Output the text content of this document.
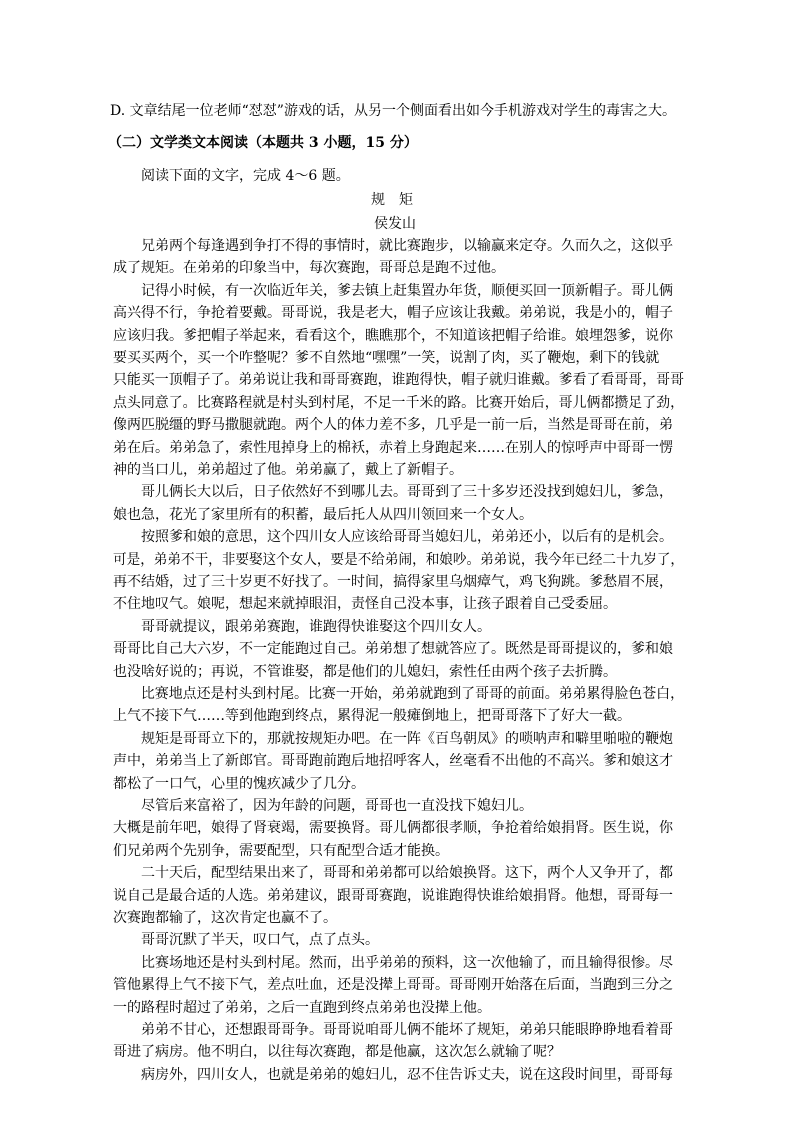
D. 文章结尾一位老师“怼怼”游戏的话，从另一个侧面看出如今手机游戏对学生的毒害之大。
（二）文学类文本阅读（本题共 3 小题，15 分）
阅读下面的文字，完成 4～6 题。
规　矩
侯发山
　　兄弟两个每逢遇到争打不得的事情时，就比赛跑步，以输赢来定夺。久而久之，这似乎
成了规矩。在弟弟的印象当中，每次赛跑，哥哥总是跑不过他。
　　记得小时候，有一次临近年关，爹去镇上赶集置办年货，顺便买回一顶新帽子。哥儿俩
高兴得不行，争抢着要戴。哥哥说，我是老大，帽子应该让我戴。弟弟说，我是小的，帽子
应该归我。爹把帽子举起来，看看这个，瞧瞧那个，不知道该把帽子给谁。娘埋怨爹，说你
要买买两个，买一个咋整呢？爹不自然地“嘿嘿”一笑，说割了肉，买了鞭炮，剩下的钱就
只能买一顶帽子了。弟弟说让我和哥哥赛跑，谁跑得快，帽子就归谁戴。爹看了看哥哥，哥哥
点头同意了。比赛路程就是村头到村尾，不足一千米的路。比赛开始后，哥儿俩都攒足了劲，
像两匹脱缰的野马撒腿就跑。两个人的体力差不多，几乎是一前一后，当然是哥哥在前，弟
弟在后。弟弟急了，索性甩掉身上的棉袄，赤着上身跑起来……在别人的惊呼声中哥哥一愣
神的当口儿，弟弟超过了他。弟弟赢了，戴上了新帽子。
　　哥儿俩长大以后，日子依然好不到哪儿去。哥哥到了三十多岁还没找到媳妇儿，爹急，
娘也急，花光了家里所有的积蓄，最后托人从四川领回来一个女人。
　　按照爹和娘的意思，这个四川女人应该给哥哥当媳妇儿，弟弟还小，以后有的是机会。
可是，弟弟不干，非要娶这个女人，要是不给弟闹，和娘吵。弟弟说，我今年已经二十九岁了，
再不结婚，过了三十岁更不好找了。一时间，搞得家里乌烟瘴气，鸡飞狗跳。爹愁眉不展，
不住地叹气。娘呢，想起来就掉眼泪，责怪自己没本事，让孩子跟着自己受委屈。
　　哥哥就提议，跟弟弟赛跑，谁跑得快谁娶这个四川女人。
哥哥比自己大六岁，不一定能跑过自己。弟弟想了想就答应了。既然是哥哥提议的，爹和娘
也没啥好说的；再说，不管谁娶，都是他们的儿媳妇，索性任由两个孩子去折腾。
　　比赛地点还是村头到村尾。比赛一开始，弟弟就跑到了哥哥的前面。弟弟累得脸色苍白，
上气不接下气……等到他跑到终点，累得泥一般瘫倒地上，把哥哥落下了好大一截。
　　规矩是哥哥立下的，那就按规矩办吧。在一阵《百鸟朝凤》的唢呐声和噼里啪啦的鞭炮
声中，弟弟当上了新郎官。哥哥跑前跑后地招呼客人，丝毫看不出他的不高兴。爹和娘这才
都松了一口气，心里的愧疚减少了几分。
　　尽管后来富裕了，因为年龄的问题，哥哥也一直没找下媳妇儿。
大概是前年吧，娘得了肾衰竭，需要换肾。哥儿俩都很孝顺，争抢着给娘捐肾。医生说，你
们兄弟两个先别争，需要配型，只有配型合适才能换。
　　二十天后，配型结果出来了，哥哥和弟弟都可以给娘换肾。这下，两个人又争开了，都
说自己是最合适的人选。弟弟建议，跟哥哥赛跑，说谁跑得快谁给娘捐肾。他想，哥哥每一
次赛跑都输了，这次肯定也赢不了。
　　哥哥沉默了半天，叹口气，点了点头。
　　比赛场地还是村头到村尾。然而，出乎弟弟的预料，这一次他输了，而且输得很惨。尽
管他累得上气不接下气，差点吐血，还是没撵上哥哥。哥哥刚开始落在后面，当跑到三分之
一的路程时超过了弟弟，之后一直跑到终点弟弟也没撵上他。
　　弟弟不甘心，还想跟哥哥争。哥哥说咱哥儿俩不能坏了规矩，弟弟只能眼睁睁地看着哥
哥进了病房。他不明白，以往每次赛跑，都是他赢，这次怎么就输了呢？
　　病房外，四川女人，也就是弟弟的媳妇儿，忍不住告诉丈夫，说在这段时间里，哥哥每
